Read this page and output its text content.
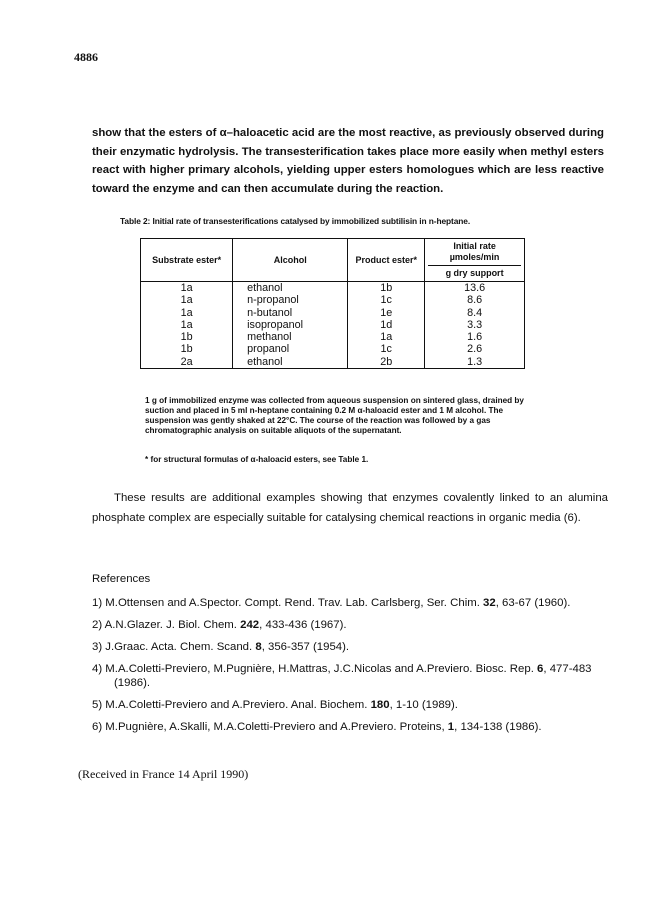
4886

show that the esters of α–haloacetic acid are the most reactive, as previously observed during their enzymatic hydrolysis. The transesterification takes place more easily when methyl esters react with higher primary alcohols, yielding upper esters homologues which are less reactive toward the enzyme and can then accumulate during the reaction.

Table 2: Initial rate of transesterifications catalysed by immobilized subtilisin in n-heptane.
Substrate ester*	Alcohol	Product ester*	Initial rate µmoles/min
g dry support

1a	ethanol	1b	13.6
1a	n-propanol	1c	8.6
1a	n-butanol	1e	8.4
1a	isopropanol	1d	3.3
1b	methanol	1a	1.6
1b	propanol	1c	2.6
2a	ethanol	2b	1.3

1 g of immobilized enzyme was collected from aqueous suspension on sintered glass, drained by suction and placed in 5 ml n-heptane containing 0.2 M α-haloacid ester and 1 M alcohol. The suspension was gently shaked at 22°C. The course of the reaction was followed by a gas chromatographic analysis on suitable aliquots of the supernatant.

* for structural formulas of α-haloacid esters, see Table 1.

These results are additional examples showing that enzymes covalently linked to an alumina phosphate complex are especially suitable for catalysing chemical reactions in organic media (6).

References

1) M.Ottensen and A.Spector. Compt. Rend. Trav. Lab. Carlsberg, Ser. Chim. 32, 63-67 (1960).
2) A.N.Glazer. J. Biol. Chem. 242, 433-436 (1967).
3) J.Graac. Acta. Chem. Scand. 8, 356-357 (1954).
4) M.A.Coletti-Previero, M.Pugnière, H.Mattras, J.C.Nicolas and A.Previero. Biosc. Rep. 6, 477-483 (1986).
5) M.A.Coletti-Previero and A.Previero. Anal. Biochem. 180, 1-10 (1989).
6) M.Pugnière, A.Skalli, M.A.Coletti-Previero and A.Previero. Proteins, 1, 134-138 (1986).

(Received in France 14 April 1990)
